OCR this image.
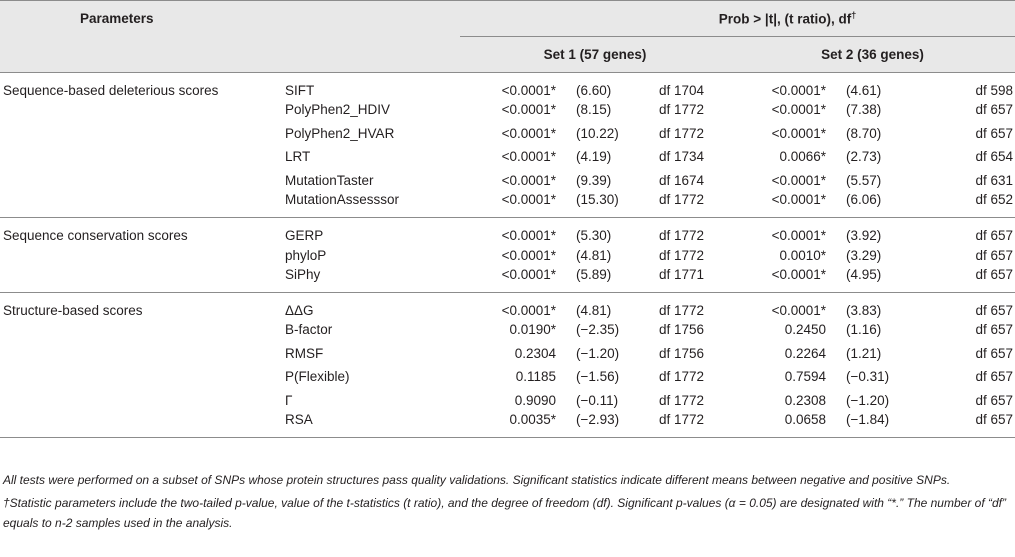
Parameters			Prob > |t|, (t ratio), df†
		Set 1 (57 genes)			Set 2 (36 genes)		
Sequence-based deleterious scores	SIFT	<0.0001*	(6.60)	df 1704	<0.0001*	(4.61)	df 598
	PolyPhen2_HDIV	<0.0001*	(8.15)	df 1772	<0.0001*	(7.38)	df 657
	PolyPhen2_HVAR	<0.0001*	(10.22)	df 1772	<0.0001*	(8.70)	df 657
	LRT	<0.0001*	(4.19)	df 1734	0.0066*	(2.73)	df 654
	MutationTaster	<0.0001*	(9.39)	df 1674	<0.0001*	(5.57)	df 631
	MutationAssesssor	<0.0001*	(15.30)	df 1772	<0.0001*	(6.06)	df 652
Sequence conservation scores	GERP	<0.0001*	(5.30)	df 1772	<0.0001*	(3.92)	df 657
	phyloP	<0.0001*	(4.81)	df 1772	0.0010*	(3.29)	df 657
	SiPhy	<0.0001*	(5.89)	df 1771	<0.0001*	(4.95)	df 657
Structure-based scores	ΔΔG	<0.0001*	(4.81)	df 1772	<0.0001*	(3.83)	df 657
	B-factor	0.0190*	(−2.35)	df 1756	0.2450	(1.16)	df 657
	RMSF	0.2304	(−1.20)	df 1756	0.2264	(1.21)	df 657
	P(Flexible)	0.1185	(−1.56)	df 1772	0.7594	(−0.31)	df 657
	Γ	0.9090	(−0.11)	df 1772	0.2308	(−1.20)	df 657
	RSA	0.0035*	(−2.93)	df 1772	0.0658	(−1.84)	df 657

All tests were performed on a subset of SNPs whose protein structures pass quality validations. Significant statistics indicate different means between negative and positive SNPs.

†Statistic parameters include the two-tailed p-value, value of the t-statistics (t ratio), and the degree of freedom (df). Significant p-values (α = 0.05) are designated with “*.” The number of “df” equals to n-2 samples used in the analysis.
